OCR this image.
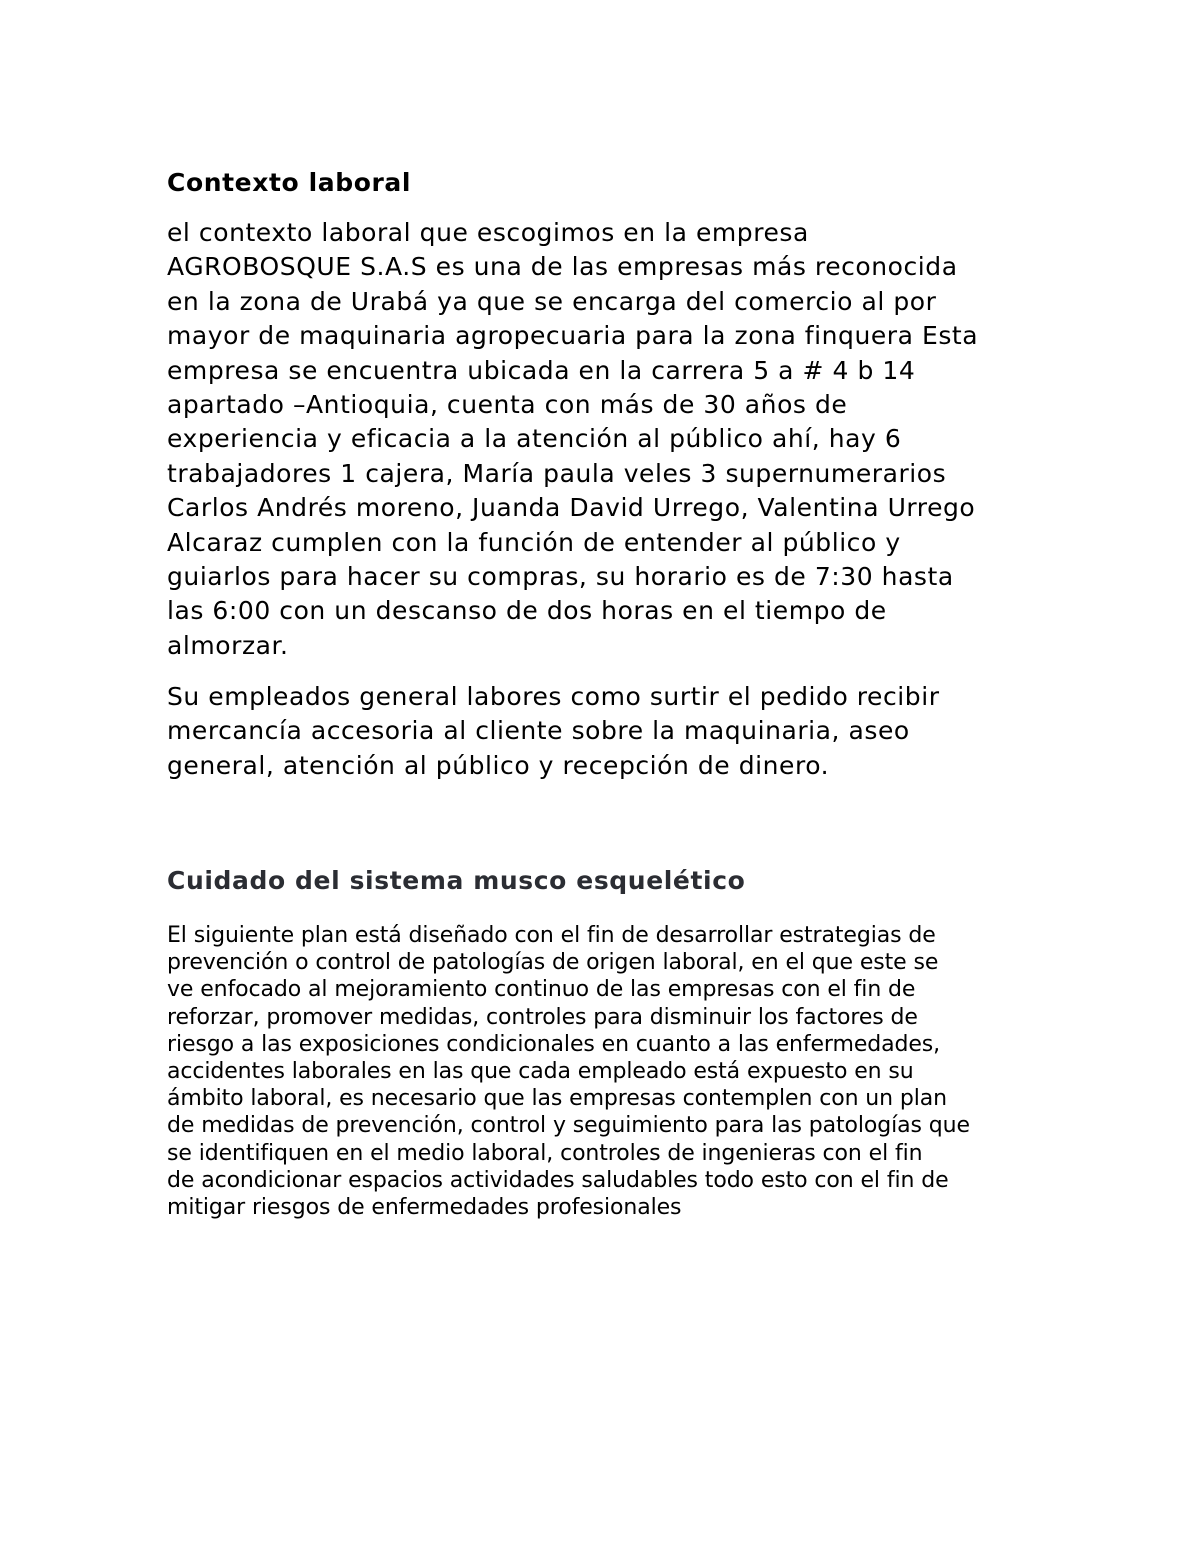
Contexto laboral

el contexto laboral que escogimos en la empresa
AGROBOSQUE S.A.S es una de las empresas más reconocida
en la zona de Urabá ya que se encarga del comercio al por
mayor de maquinaria agropecuaria para la zona finquera Esta
empresa se encuentra ubicada en la carrera 5 a # 4 b 14
apartado –Antioquia, cuenta con más de 30 años de
experiencia y eficacia a la atención al público ahí, hay 6
trabajadores 1 cajera, María paula veles 3 supernumerarios
Carlos Andrés moreno, Juanda David Urrego, Valentina Urrego
Alcaraz cumplen con la función de entender al público y
guiarlos para hacer su compras, su horario es de 7:30 hasta
las 6:00 con un descanso de dos horas en el tiempo de
almorzar.

Su empleados general labores como surtir el pedido recibir
mercancía accesoria al cliente sobre la maquinaria, aseo
general, atención al público y recepción de dinero.

Cuidado del sistema musco esquelético

El siguiente plan está diseñado con el fin de desarrollar estrategias de
prevención o control de patologías de origen laboral, en el que este se
ve enfocado al mejoramiento continuo de las empresas con el fin de
reforzar, promover medidas, controles para disminuir los factores de
riesgo a las exposiciones condicionales en cuanto a las enfermedades,
accidentes laborales en las que cada empleado está expuesto en su
ámbito laboral, es necesario que las empresas contemplen con un plan
de medidas de prevención, control y seguimiento para las patologías que
se identifiquen en el medio laboral, controles de ingenieras con el fin
de acondicionar espacios actividades saludables todo esto con el fin de
mitigar riesgos de enfermedades profesionales
